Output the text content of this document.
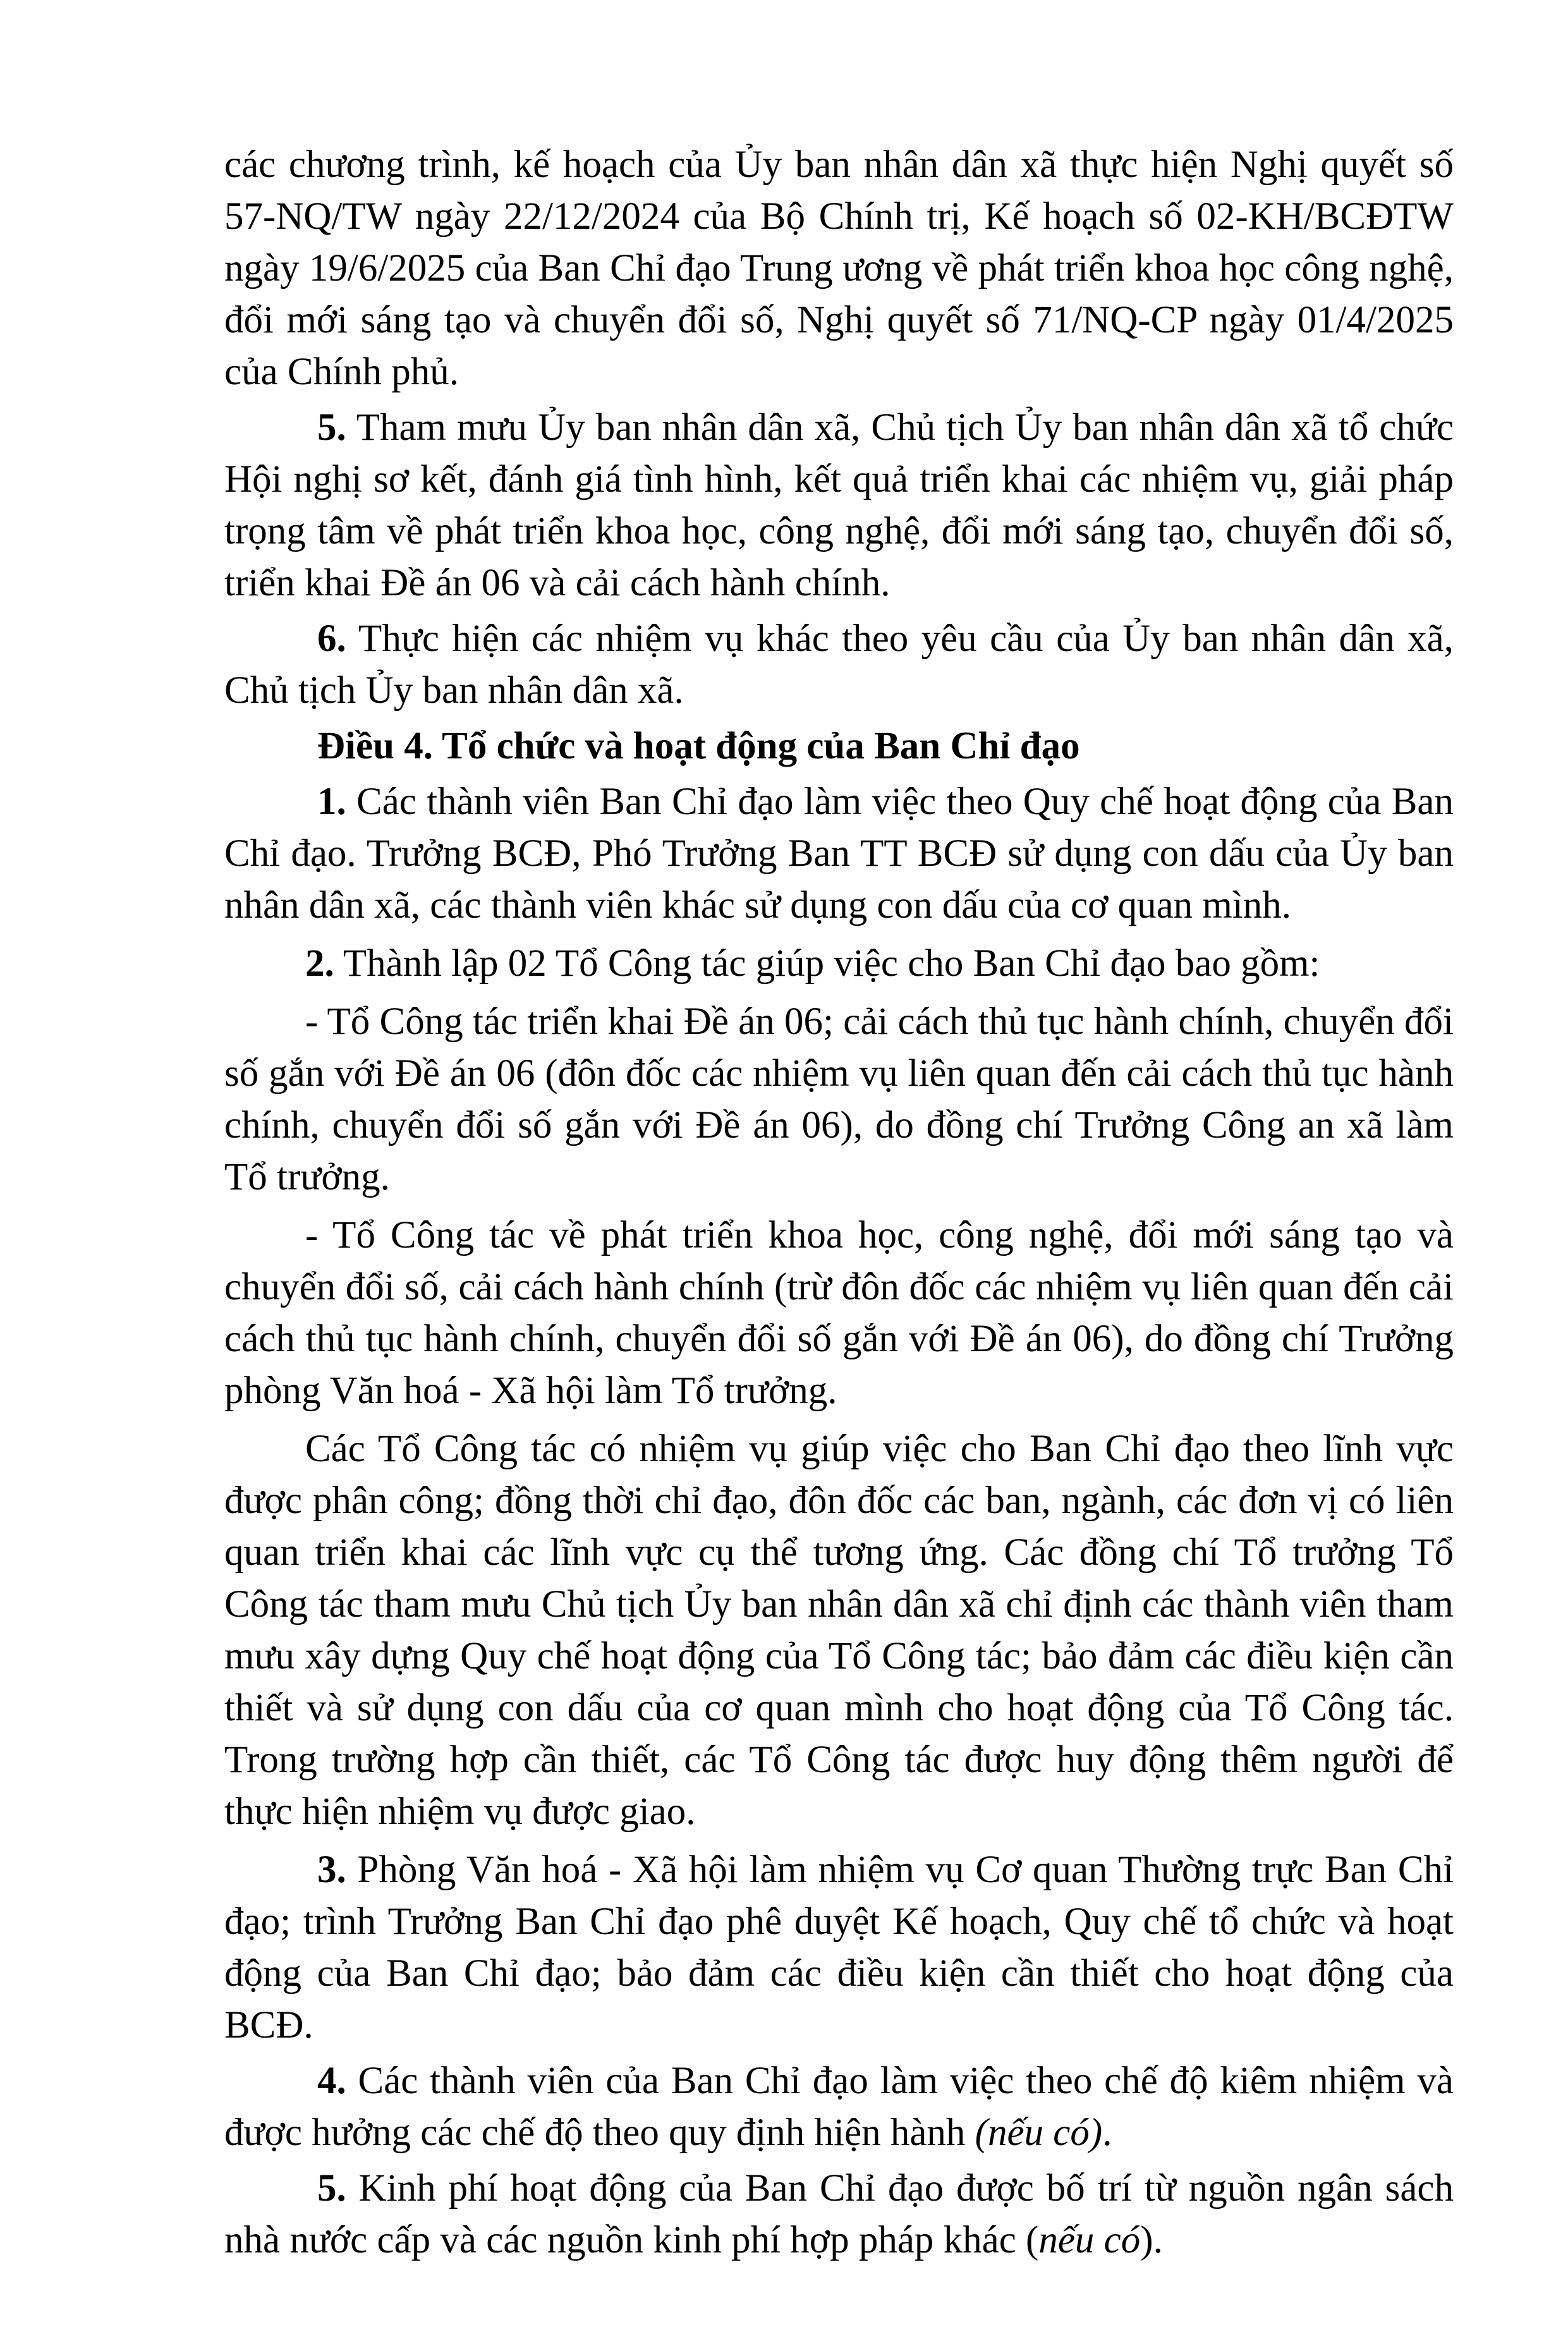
các chương trình, kế hoạch của Ủy ban nhân dân xã thực hiện Nghị quyết số 57-NQ/TW ngày 22/12/2024 của Bộ Chính trị, Kế hoạch số 02-KH/BCĐTW ngày 19/6/2025 của Ban Chỉ đạo Trung ương về phát triển khoa học công nghệ, đổi mới sáng tạo và chuyển đổi số, Nghị quyết số 71/NQ-CP ngày 01/4/2025 của Chính phủ.

5. Tham mưu Ủy ban nhân dân xã, Chủ tịch Ủy ban nhân dân xã tổ chức Hội nghị sơ kết, đánh giá tình hình, kết quả triển khai các nhiệm vụ, giải pháp trọng tâm về phát triển khoa học, công nghệ, đổi mới sáng tạo, chuyển đổi số, triển khai Đề án 06 và cải cách hành chính.

6. Thực hiện các nhiệm vụ khác theo yêu cầu của Ủy ban nhân dân xã, Chủ tịch Ủy ban nhân dân xã.

Điều 4. Tổ chức và hoạt động của Ban Chỉ đạo

1. Các thành viên Ban Chỉ đạo làm việc theo Quy chế hoạt động của Ban Chỉ đạo. Trưởng BCĐ, Phó Trưởng Ban TT BCĐ sử dụng con dấu của Ủy ban nhân dân xã, các thành viên khác sử dụng con dấu của cơ quan mình.

2. Thành lập 02 Tổ Công tác giúp việc cho Ban Chỉ đạo bao gồm:

- Tổ Công tác triển khai Đề án 06; cải cách thủ tục hành chính, chuyển đổi số gắn với Đề án 06 (đôn đốc các nhiệm vụ liên quan đến cải cách thủ tục hành chính, chuyển đổi số gắn với Đề án 06), do đồng chí Trưởng Công an xã làm Tổ trưởng.

- Tổ Công tác về phát triển khoa học, công nghệ, đổi mới sáng tạo và chuyển đổi số, cải cách hành chính (trừ đôn đốc các nhiệm vụ liên quan đến cải cách thủ tục hành chính, chuyển đổi số gắn với Đề án 06), do đồng chí Trưởng phòng Văn hoá - Xã hội làm Tổ trưởng.

Các Tổ Công tác có nhiệm vụ giúp việc cho Ban Chỉ đạo theo lĩnh vực được phân công; đồng thời chỉ đạo, đôn đốc các ban, ngành, các đơn vị có liên quan triển khai các lĩnh vực cụ thể tương ứng. Các đồng chí Tổ trưởng Tổ Công tác tham mưu Chủ tịch Ủy ban nhân dân xã chỉ định các thành viên tham mưu xây dựng Quy chế hoạt động của Tổ Công tác; bảo đảm các điều kiện cần thiết và sử dụng con dấu của cơ quan mình cho hoạt động của Tổ Công tác. Trong trường hợp cần thiết, các Tổ Công tác được huy động thêm người để thực hiện nhiệm vụ được giao.

3. Phòng Văn hoá - Xã hội làm nhiệm vụ Cơ quan Thường trực Ban Chỉ đạo; trình Trưởng Ban Chỉ đạo phê duyệt Kế hoạch, Quy chế tổ chức và hoạt động của Ban Chỉ đạo; bảo đảm các điều kiện cần thiết cho hoạt động của BCĐ.

4. Các thành viên của Ban Chỉ đạo làm việc theo chế độ kiêm nhiệm và được hưởng các chế độ theo quy định hiện hành (nếu có).

5. Kinh phí hoạt động của Ban Chỉ đạo được bố trí từ nguồn ngân sách nhà nước cấp và các nguồn kinh phí hợp pháp khác (nếu có).
